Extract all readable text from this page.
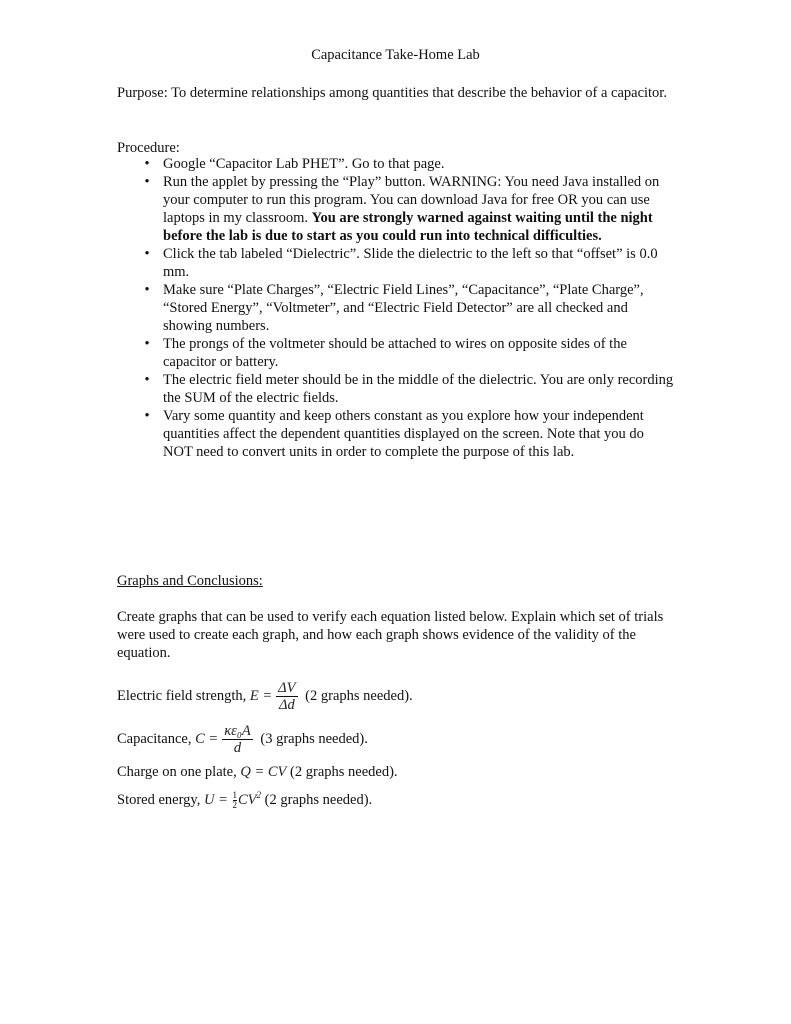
Capacitance Take-Home Lab
Purpose: To determine relationships among quantities that describe the behavior of a capacitor.
Procedure:
• Google “Capacitor Lab PHET”. Go to that page.
• Run the applet by pressing the “Play” button. WARNING: You need Java installed on your computer to run this program. You can download Java for free OR you can use laptops in my classroom. You are strongly warned against waiting until the night before the lab is due to start as you could run into technical difficulties.
• Click the tab labeled “Dielectric”. Slide the dielectric to the left so that “offset” is 0.0 mm.
• Make sure “Plate Charges”, “Electric Field Lines”, “Capacitance”, “Plate Charge”, “Stored Energy”, “Voltmeter”, and “Electric Field Detector” are all checked and showing numbers.
• The prongs of the voltmeter should be attached to wires on opposite sides of the capacitor or battery.
• The electric field meter should be in the middle of the dielectric. You are only recording the SUM of the electric fields.
• Vary some quantity and keep others constant as you explore how your independent quantities affect the dependent quantities displayed on the screen. Note that you do NOT need to convert units in order to complete the purpose of this lab.
Graphs and Conclusions:
Create graphs that can be used to verify each equation listed below. Explain which set of trials were used to create each graph, and how each graph shows evidence of the validity of the equation.
Electric field strength, $E = \frac{\Delta V}{\Delta d} (2$ graphs needed).
Capacitance, $C = \frac{\text{κε₀A}}{d} (3$ graphs needed).
Charge on one plate, Q = CV (2 graphs needed).
Stored energy, $U = \frac{1}{2} CV^2$ (2 graphs needed).
